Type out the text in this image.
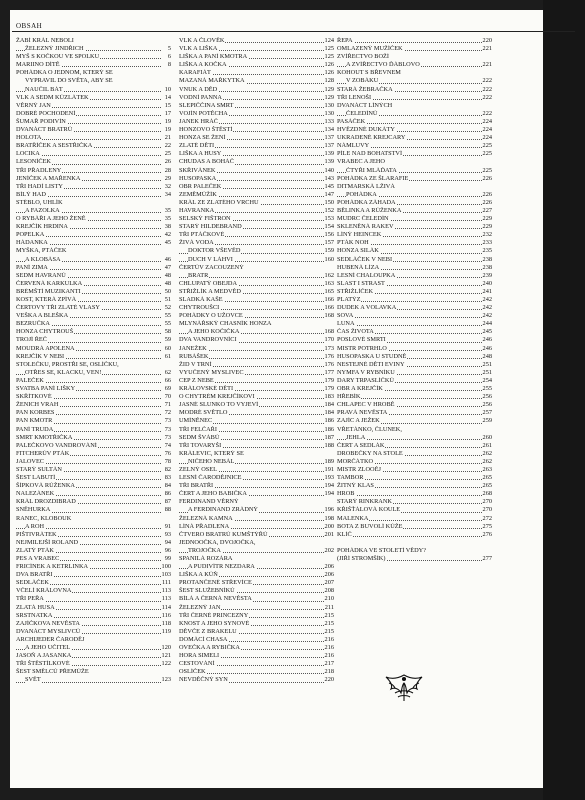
OBSAH
ŽABÍ KRÁL NEBOLI
ŽELEZNÝ JINDŘICH	5
MYŠ S KOČKOU VE SPOLKU	6
MARIINO DÍTĚ	8
POHÁDKA O JEDNOM, KTERÝ SE
VYPRAVIL DO SVĚTA, ABY SE
NAUČIL BÁT	10
VLK A SEDM KŮZLÁTEK	14
VĚRNÝ JAN	15
DOBRÉ POCHODENÍ	17
ŠUMAŘ PODIVÍN	19
DVANÁCT BRATRŮ	19
HOLOTA	21
BRATŘÍČEK A SESTŘIČKA	22
LOCIKA	25
LESONÍČEK	26
TŘI PŘADLENY	28
JENÍČEK A MAŘENKA	29
TŘI HADÍ LISTY	32
BÍLÝ HAD	34
STÉBLO, UHLÍK
A FAZOLKA	35
O RYBÁŘI A JEHO ŽENĚ	35
KREJČÍK HRDINA	38
POPELKA	42
HÁDANKA	45
MYŠKA, PTÁČEK
A KLOBÁSA	46
PANÍ ZIMA	47
SEDM HAVRANŮ	48
ČERVENÁ KARKULKA	48
BRÉMŠTÍ MUZIKANTI	50
KOST, KTERÁ ZPÍVÁ	51
ČERTOVY TŘI ZLATÉ VLASY	52
VEŠKA A BLEŠKA	55
BEZRUČKA	55
HONZA CHYTROUŠ	58
TROJÍ ŘEČ	59
MOUDRÁ APOLENA	60
KREJČÍK V NEBI	61
STOLEČKU, PROSTŘI SE, OSLÍČKU,
OTŘES SE, KLACKU, VEN!	62
PALEČEK	66
SVATBA PANÍ LIŠKY	69
SKŘÍTKOVÉ	70
ŽENICH VRAH	71
PAN KORBES	72
PAN KMOTR	73
PANÍ TRUDA	73
SMRT KMOTŘIČKA	73
PALEČKOVO VANDROVÁNÍ	74
FITCHERŮV PTÁK	76
JALOVEC	78
STARÝ SULTÁN	82
ŠEST LABUTÍ	83
ŠÍPKOVÁ RŮŽENKA	84
NALEZÁNEK	86
KRÁL DROZDIBRAD	87
SNĚHURKA	88
RANEC, KLOBOUK
A ROH	91
PIŠTIVRÁTEK	93
NEJMILEJŠÍ ROLAND	94
ZLATÝ PTÁK	96
PES A VRABEC	99
FRICÍNEK A KETRLINKA	100
DVA BRATŘI	103
SEDLÁČEK	111
VČELÍ KRÁLOVNA	113
TŘI PEŘA	113
ZLATÁ HUSA	114
SRSTNATKA	116
ZAJÍČKOVA NEVĚSTA	118
DVANÁCT MYSLIVCŮ	119
ARCHIJEDER ČARODĚJ
A JEHO UČITEL	120
JASOŇ A JASANKA	121
TŘI ŠTĚSTÍLKOVÉ	122
ŠEST SMĚLCŮ PŘEMŮŽE
SVĚT	123
VLK A ČLOVĚK	124
VLK A LIŠKA	125
LIŠKA A PANÍ KMOTRA	125
LIŠKA A KOČKA	126
KARAFIÁT	126
MAZANÁ MAŘKYTKA	128
VNUK A DĚD	129
VODNÍ PANNA	129
SLEPIČČINA SMRT	130
VOJÍN POTĚCHA	130
JANEK HRÁČ	133
HONZOVO ŠTĚSTÍ	134
HONZA SE ŽENÍ	137
ZLATÉ DĚTI	137
LIŠKA A HUSY	139
CHUDAS A BOHÁČ	139
SKŘIVÁNEK	140
HUSOPASKA	143
OBR PALEČEK	145
ZEMĚMŮŽÍK	147
KRÁL ZE ZLATÉHO VRCHU	150
HAVRANKA	152
SELSKÝ FIŠTRON	153
STARÝ HILDEBRAND	154
TŘI PTÁČKOVÉ	156
ŽIVÁ VODA	157
DOKTOR VŠEVĚD	159
DUCH V LÁHVI	160
ČERTŮV ZACOUZENÝ
BRATR	162
CHLUPATÝ OBEJDA	163
STŘIŽLÍK A MEDVĚD	165
SLADKÁ KAŠE	166
CHYTROUŠCI	166
POHÁDKY O UŽOVCE	168
MLYNÁŘSKÝ CHASNÍK HONZA
A JEHO KOČIČKA	168
DVA VANDROVNÍCI	170
JANEŽEK	173
RUBÁŠEK	176
ŽID V TRNÍ	176
VYUČENÝ MYSLIVEC	177
CEP Z NEBE	179
KRÁLOVSKÉ DĚTI	179
O CHYTRÉM KREJČÍKOVI	183
JASNÉ SLUNKO TO VYJEVÍ	184
MODRÉ SVĚTLO	184
UMÍNĚNEC	186
TŘI FELČAŘI	186
SEDM ŠVÁBŮ	187
TŘI TOVARYŠI	188
KRÁLEVIC, KTERÝ SE
NIČEHO NEBÁL	189
ZELNÝ OSEL	191
LESNÍ ČARODĚJNICE	193
TŘI BRATŘI	194
ČERT A JEHO BABIČKA	194
FERDINAND VĚRNÝ
A FERDINAND ZRÁDNÝ	196
ŽELEZNÁ KAMNA	198
LÍNÁ PŘADLENA	200
ČTVERO BRATRŮ KUMŠTÝŘŮ	201
JEDNOOČKA, DVOJOČKA,
TROJOČKA	202
SPANILÁ ROZÁRA
A PUDIVÍTR NEZDARA	206
LIŠKA A KŮŇ	206
PROTANČENÉ STŘEVÍCE	207
ŠEST SLUŽEBNÍKŮ	208
BÍLÁ A ČERNÁ NEVĚSTA	210
ŽELEZNÝ JAN	211
TŘI ČERNÉ PRINCEZNY	215
KNOST A JEHO SYNOVÉ	215
DĚVČE Z BRAKELU	215
DOMÁCÍ CHASA	216
OVEČKA A RYBIČKA	216
HORA SIMELI	216
CESTOVÁNÍ	217
OSLÍČEK	218
NEVDĚČNÝ SYN	220
ŘEPA	220
OMLAZENÝ MUŽÍČEK	221
ZVÍŘECTVO BOŽÍ
A ZVÍŘECTVO ĎÁBLOVO	221
KOHOUT S BŘEVNEM
V ZOBÁKU	222
STARÁ ŽEBRAČKA	222
TŘI LENOŠI	222
DVANÁCT LÍNÝCH
ČELEDÍNŮ	222
PASÁČEK	224
HVĚZDNÉ DUKÁTY	224
UKRADENÉ KREJCARY	224
NÁMLUVY	225
PÍLE NAD BOHATSTVÍ	225
VRABEC A JEHO
ČTYŘI MLÁĎATA	225
POHÁDKA ZE ŠLARAFIE	226
DITMARSKÁ LŽIVÁ
POHÁDKA	226
POHÁDKA ZÁHADA	226
BĚLINKA A RŮŽENKA	227
MUDRC ČELEDÍN	229
SKLENĚNÁ RAKEV	229
LÍNÝ HEINCEK	232
PTÁK NOH	233
HONZA SILÁK	235
SEDLÁČEK V NEBI	238
HUBENÁ LÍZA	238
LESNÍ CHALOUPKA	239
SLAST I STRAST	240
STŘIŽLÍČEK	241
PLATÝZ	242
DUDEK A VOLAVKA	242
SOVA	242
LUNA	244
ČAS ŽIVOTA	245
POSLOVÉ SMRTI	246
MISTR POTRHLO	246
HUSOPASKA U STUDNĚ	248
NESTEJNÉ DĚTI EVINY	251
NYMFA V RYBNÍKU	251
DARY TRPASLÍČKŮ	254
OBR A KREJČÍK	255
HŘEBÍK	256
CHLAPEC V HROBĚ	256
PRAVÁ NEVĚSTA	257
ZAJÍC A JEŽEK	259
VŘETÁNKO, ČLUNEK,
JEHLA	260
ČERT A SEDLÁK	261
DROBEČKY NA STOLE	262
MORČÁTKO	262
MISTR ZLOOĚJ	263
TAMBOR	265
ŽITNÝ KLAS	265
HROB	268
STARÝ RINKRANK	270
KŘIŠŤÁLOVÁ KOULE	270
MALENKA	272
BOTA Z BUVOLÍ KŮŽE	275
KLÍČ	276
POHÁDKA VE STOLETÍ VĚDY?
(JIŘÍ STROMŠÍK)	277
